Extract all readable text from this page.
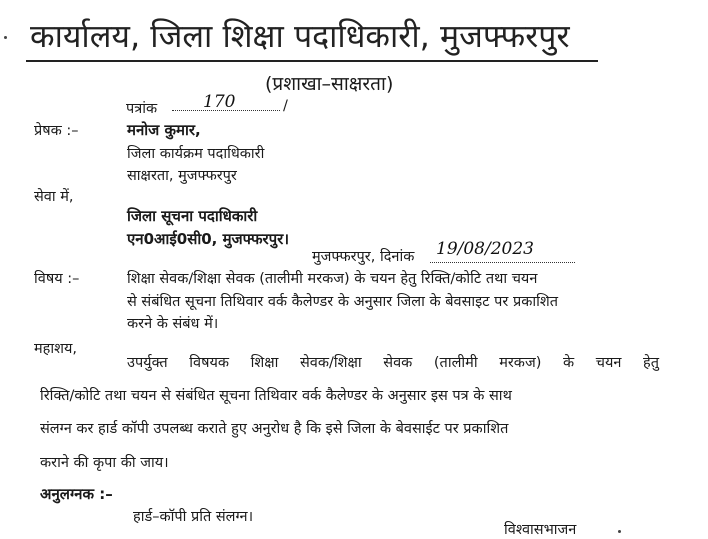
कार्यालय, जिला शिक्षा पदाधिकारी, मुजफ्फरपुर
(प्रशाखा–साक्षरता)
पत्रांक	170	/
प्रेषक :–	मनोज कुमार,
जिला कार्यक्रम पदाधिकारी
साक्षरता, मुजफ्फरपुर
सेवा में,
जिला सूचना पदाधिकारी
एन0आई0सी0, मुजफ्फरपुर।
मुजफ्फरपुर, दिनांक 19/08/2023
विषय :–	शिक्षा सेवक/शिक्षा सेवक (तालीमी मरकज) के चयन हेतु रिक्ति/कोटि तथा चयन
से संबंधित सूचना तिथिवार वर्क कैलेण्डर के अनुसार जिला के बेवसाइट पर प्रकाशित
करने के संबंध में।
महाशय,
उपर्युक्त विषयक शिक्षा सेवक/शिक्षा सेवक (तालीमी मरकज) के चयन हेतु
रिक्ति/कोटि तथा चयन से संबंधित सूचना तिथिवार वर्क कैलेण्डर के अनुसार इस पत्र के साथ
संलग्न कर हार्ड कॉपी उपलब्ध कराते हुए अनुरोध है कि इसे जिला के बेवसाईट पर प्रकाशित
कराने की कृपा की जाय।
अनुलग्नक :–
हार्ड–कॉपी प्रति संलग्न।
विश्वासभाजन
